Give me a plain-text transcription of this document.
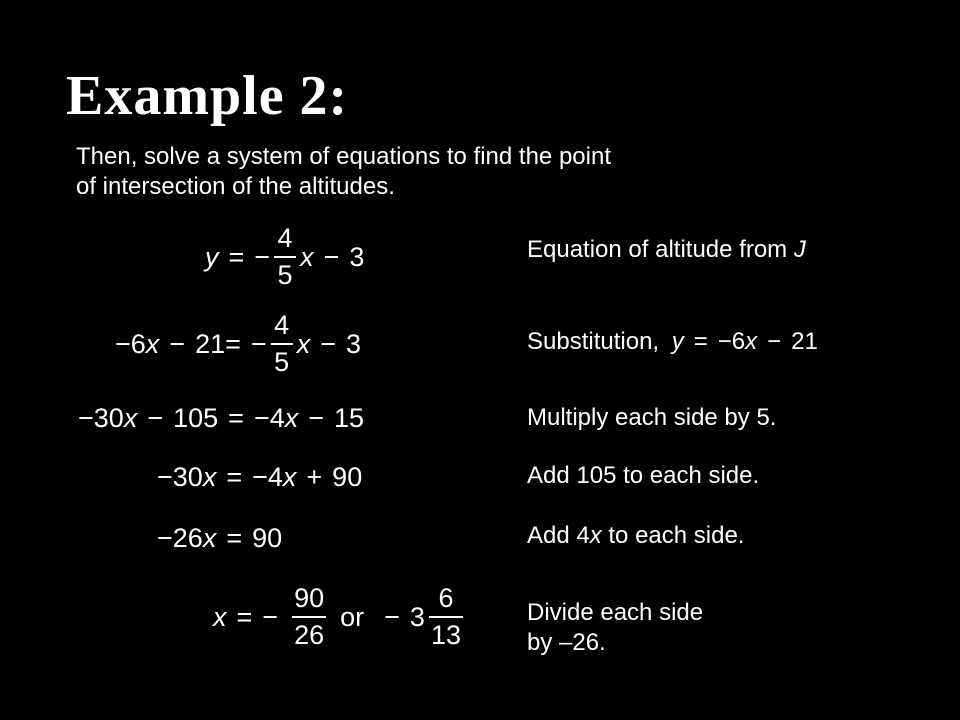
Example 2:
Then, solve a system of equations to find the point
of intersection of the altitudes.
y = − $\frac{4}{5}$ x − 3	Equation of altitude from J
−6 x − 21 = − $\frac{4}{5}$ x − 3	Substitution, y = −6x − 21
−30 x − 105 = −4 x − 15	Multiply each side by 5.
−30 x = −4 x + 90	Add 105 to each side.
−26 x = 90	Add 4x to each side.
x = − $\frac{90}{26}$ or − $3 \frac{6}{13}$	Divide each side
by –26.
